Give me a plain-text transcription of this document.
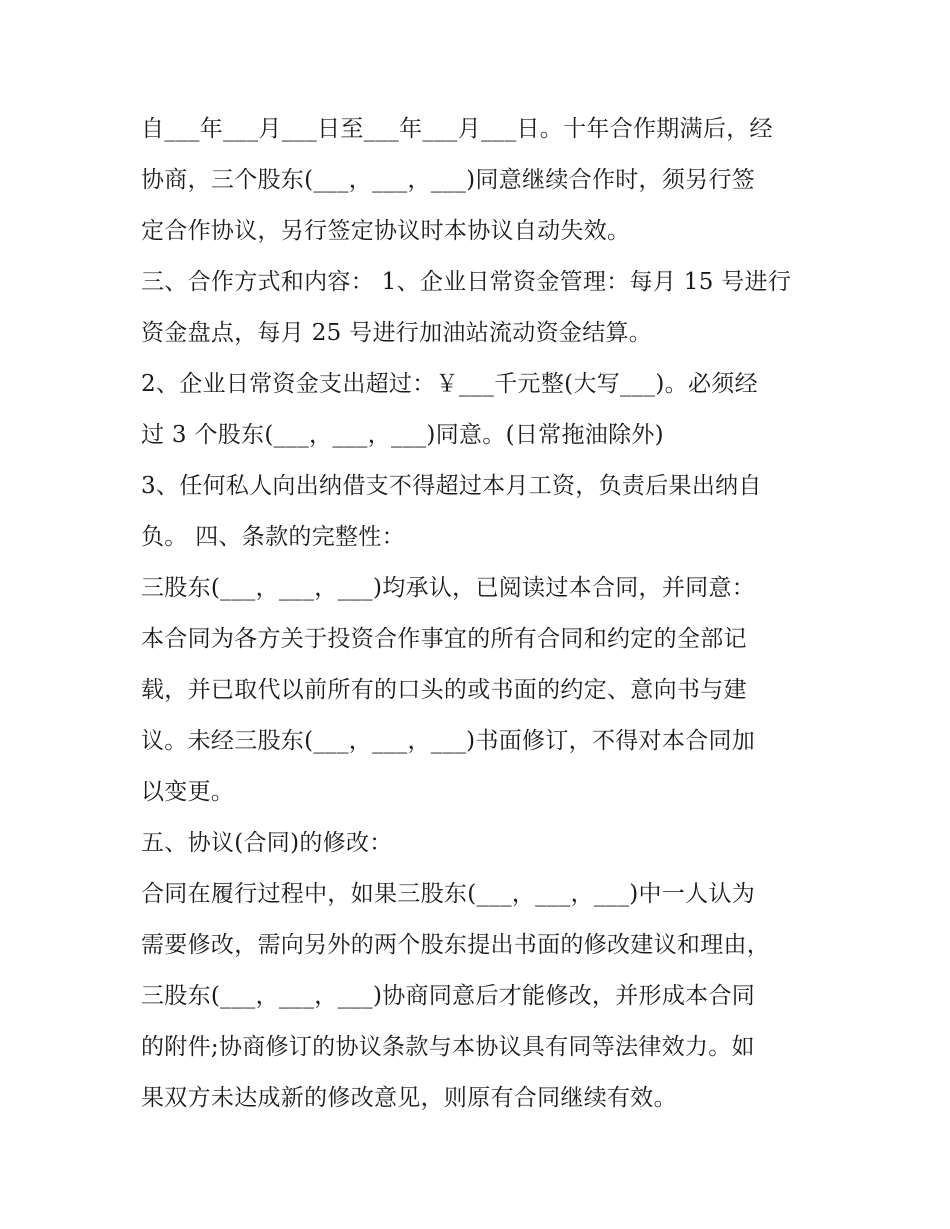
自___年___月___日至___年___月___日。十年合作期满后，经
协商，三个股东(___，___，___)同意继续合作时，须另行签
定合作协议，另行签定协议时本协议自动失效。
三、合作方式和内容： 1、企业日常资金管理：每月 15 号进行
资金盘点，每月 25 号进行加油站流动资金结算。
2、企业日常资金支出超过：￥___千元整(大写___)。必须经
过 3 个股东(___，___，___)同意。(日常拖油除外)
3、任何私人向出纳借支不得超过本月工资，负责后果出纳自
负。 四、条款的完整性：
三股东(___，___，___)均承认，已阅读过本合同，并同意：
本合同为各方关于投资合作事宜的所有合同和约定的全部记
载，并已取代以前所有的口头的或书面的约定、意向书与建
议。未经三股东(___，___，___)书面修订，不得对本合同加
以变更。
五、协议(合同)的修改：
合同在履行过程中，如果三股东(___，___，___)中一人认为
需要修改，需向另外的两个股东提出书面的修改建议和理由，
三股东(___，___，___)协商同意后才能修改，并形成本合同
的附件;协商修订的协议条款与本协议具有同等法律效力。如
果双方未达成新的修改意见，则原有合同继续有效。
